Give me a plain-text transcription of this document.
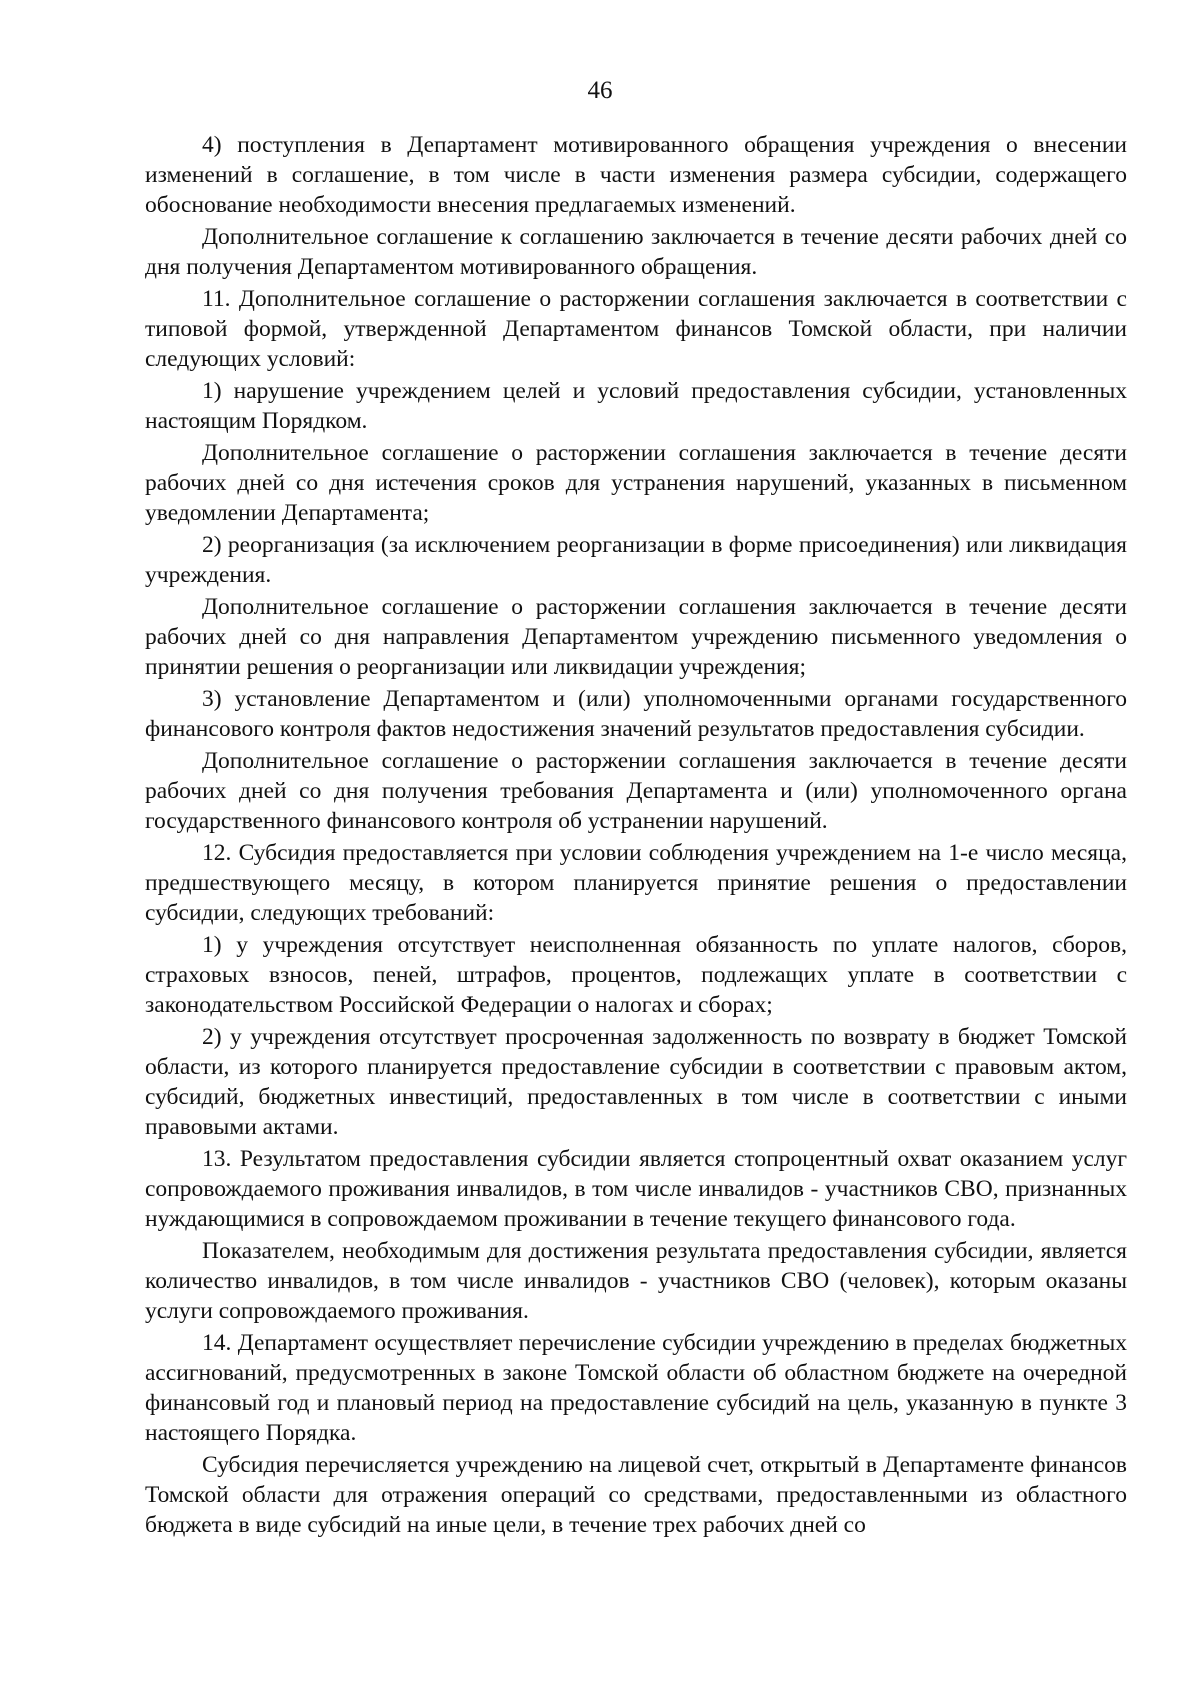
46

4) поступления в Департамент мотивированного обращения учреждения о внесении изменений в соглашение, в том числе в части изменения размера субсидии, содержащего обоснование необходимости внесения предлагаемых изменений.

Дополнительное соглашение к соглашению заключается в течение десяти рабочих дней со дня получения Департаментом мотивированного обращения.

11. Дополнительное соглашение о расторжении соглашения заключается в соответствии с типовой формой, утвержденной Департаментом финансов Томской области, при наличии следующих условий:

1) нарушение учреждением целей и условий предоставления субсидии, установленных настоящим Порядком.

Дополнительное соглашение о расторжении соглашения заключается в течение десяти рабочих дней со дня истечения сроков для устранения нарушений, указанных в письменном уведомлении Департамента;

2) реорганизация (за исключением реорганизации в форме присоединения) или ликвидация учреждения.

Дополнительное соглашение о расторжении соглашения заключается в течение десяти рабочих дней со дня направления Департаментом учреждению письменного уведомления о принятии решения о реорганизации или ликвидации учреждения;

3) установление Департаментом и (или) уполномоченными органами государственного финансового контроля фактов недостижения значений результатов предоставления субсидии.

Дополнительное соглашение о расторжении соглашения заключается в течение десяти рабочих дней со дня получения требования Департамента и (или) уполномоченного органа государственного финансового контроля об устранении нарушений.

12. Субсидия предоставляется при условии соблюдения учреждением на 1-е число месяца, предшествующего месяцу, в котором планируется принятие решения о предоставлении субсидии, следующих требований:

1) у учреждения отсутствует неисполненная обязанность по уплате налогов, сборов, страховых взносов, пеней, штрафов, процентов, подлежащих уплате в соответствии с законодательством Российской Федерации о налогах и сборах;

2) у учреждения отсутствует просроченная задолженность по возврату в бюджет Томской области, из которого планируется предоставление субсидии в соответствии с правовым актом, субсидий, бюджетных инвестиций, предоставленных в том числе в соответствии с иными правовыми актами.

13. Результатом предоставления субсидии является стопроцентный охват оказанием услуг сопровождаемого проживания инвалидов, в том числе инвалидов - участников СВО, признанных нуждающимися в сопровождаемом проживании в течение текущего финансового года.

Показателем, необходимым для достижения результата предоставления субсидии, является количество инвалидов, в том числе инвалидов - участников СВО (человек), которым оказаны услуги сопровождаемого проживания.

14. Департамент осуществляет перечисление субсидии учреждению в пределах бюджетных ассигнований, предусмотренных в законе Томской области об областном бюджете на очередной финансовый год и плановый период на предоставление субсидий на цель, указанную в пункте 3 настоящего Порядка.

Субсидия перечисляется учреждению на лицевой счет, открытый в Департаменте финансов Томской области для отражения операций со средствами, предоставленными из областного бюджета в виде субсидий на иные цели, в течение трех рабочих дней со
